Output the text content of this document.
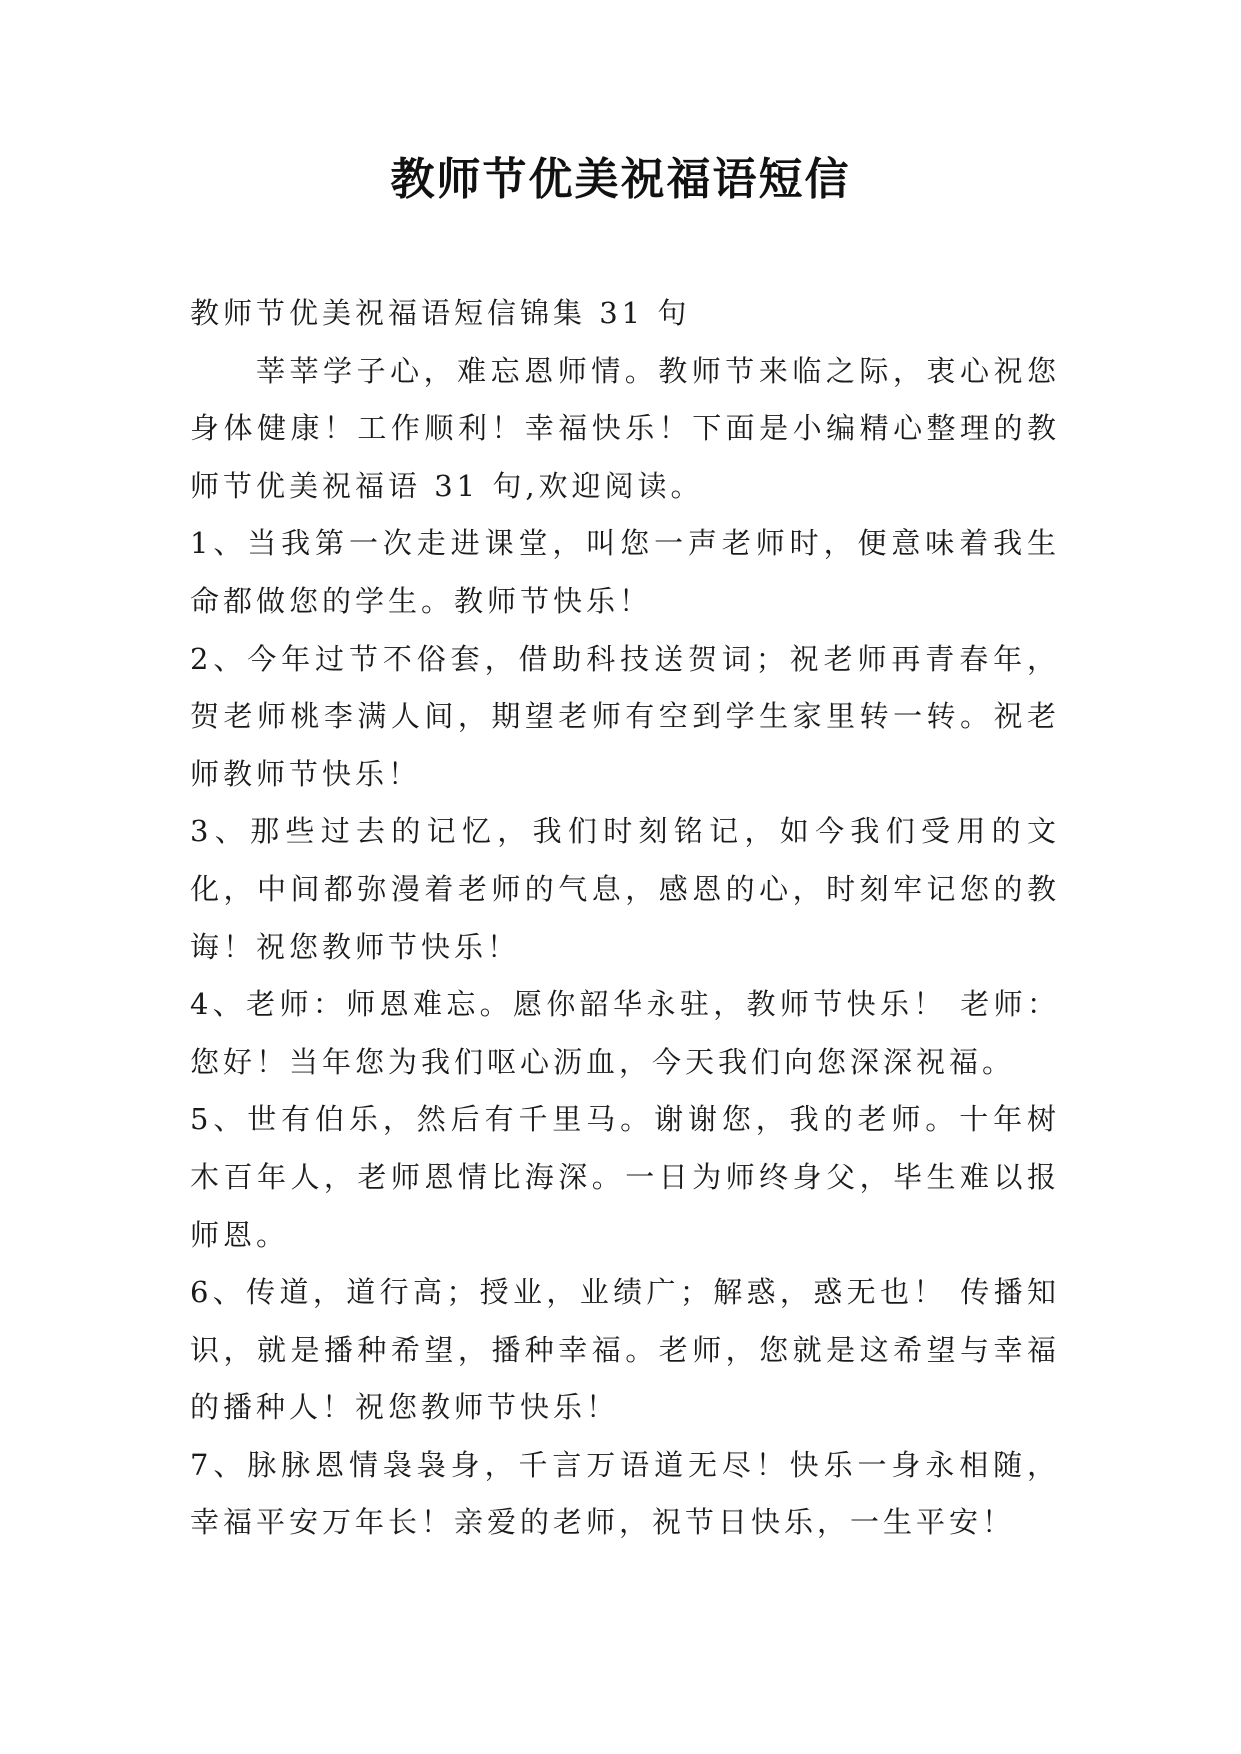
教师节优美祝福语短信

教师节优美祝福语短信锦集 31 句

莘莘学子心，难忘恩师情。教师节来临之际，衷心祝您身体健康！工作顺利！幸福快乐！下面是小编精心整理的教师节优美祝福语 31 句,欢迎阅读。

1、当我第一次走进课堂，叫您一声老师时，便意味着我生命都做您的学生。教师节快乐！

2、今年过节不俗套，借助科技送贺词；祝老师再青春年，贺老师桃李满人间，期望老师有空到学生家里转一转。祝老师教师节快乐！

3、那些过去的记忆，我们时刻铭记，如今我们受用的文化，中间都弥漫着老师的气息，感恩的心，时刻牢记您的教诲！祝您教师节快乐！

4、老师：师恩难忘。愿你韶华永驻，教师节快乐！ 老师：您好！当年您为我们呕心沥血，今天我们向您深深祝福。

5、世有伯乐，然后有千里马。谢谢您，我的老师。十年树木百年人，老师恩情比海深。一日为师终身父，毕生难以报师恩。

6、传道，道行高；授业，业绩广；解惑，惑无也！ 传播知识，就是播种希望，播种幸福。老师，您就是这希望与幸福的播种人！祝您教师节快乐！

7、脉脉恩情袅袅身，千言万语道无尽！快乐一身永相随，幸福平安万年长！亲爱的老师，祝节日快乐，一生平安！
